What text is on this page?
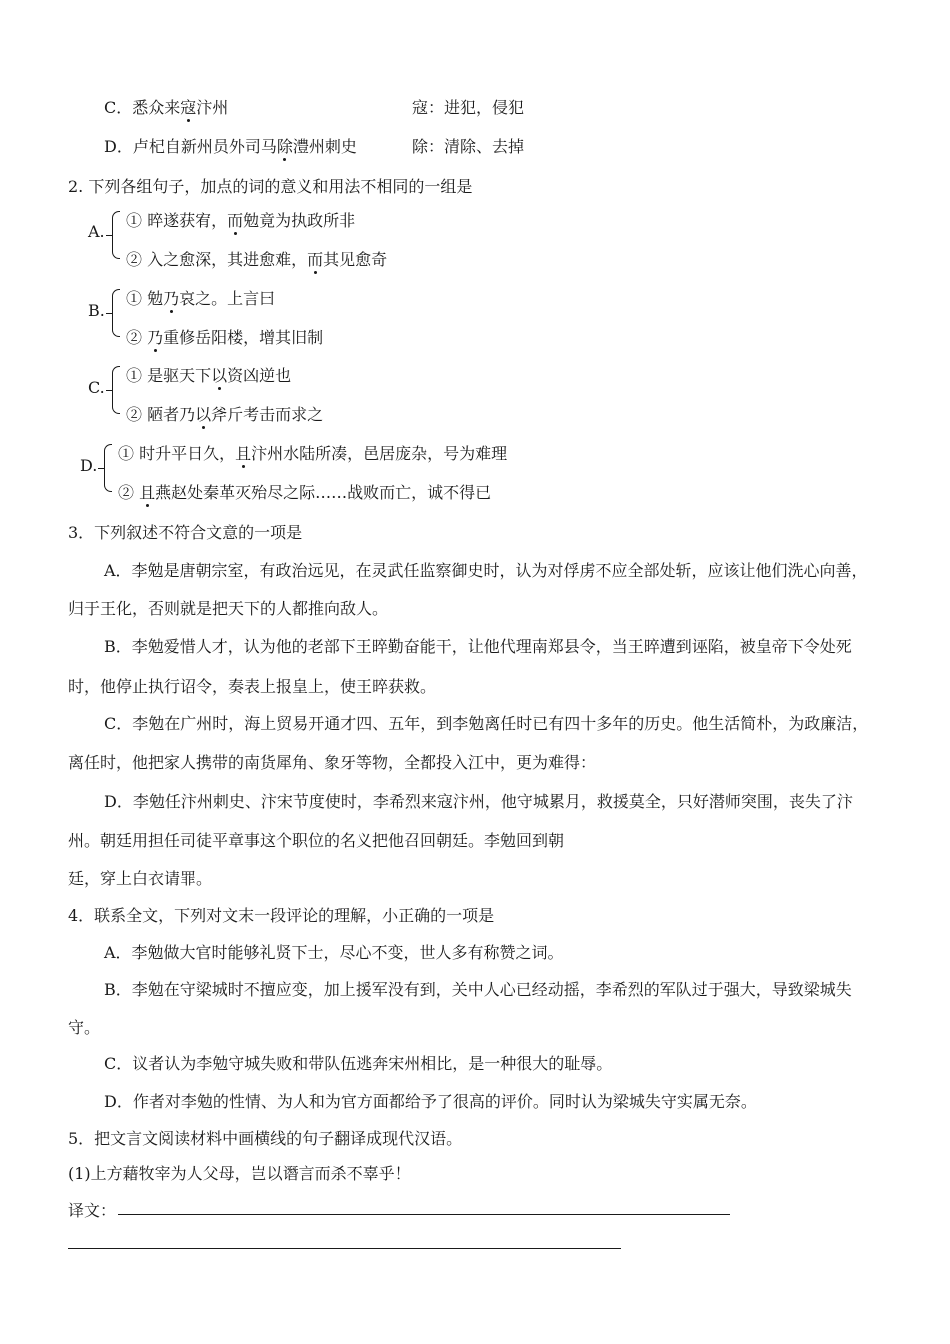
C．悉众来寇汴州	寇：进犯，侵犯
D．卢杞自新州员外司马除澧州刺史	除：清除、去掉
2. 下列各组句子，加点的词的意义和用法不相同的一组是
A.
① 晬遂获宥，而勉竟为执政所非
② 入之愈深，其进愈难，而其见愈奇
B.
① 勉乃哀之。上言曰
② 乃重修岳阳楼，增其旧制
C.
① 是驱天下以资凶逆也
② 陋者乃以斧斤考击而求之
D.
① 时升平日久，且汴州水陆所凑，邑居庞杂，号为难理
② 且燕赵处秦革灭殆尽之际……战败而亡，诚不得已
3．下列叙述不符合文意的一项是
A．李勉是唐朝宗室，有政治远见，在灵武任监察御史时，认为对俘虏不应全部处斩，应该让他们洗心向善，
归于王化，否则就是把天下的人都推向敌人。
B．李勉爱惜人才，认为他的老部下王晬勤奋能干，让他代理南郑县令，当王晬遭到诬陷，被皇帝下令处死
时，他停止执行诏令，奏表上报皇上，使王晬获救。
C．李勉在广州时，海上贸易开通才四、五年，到李勉离任时已有四十多年的历史。他生活简朴，为政廉洁，
离任时，他把家人携带的南货犀角、象牙等物，全都投入江中，更为难得：
D．李勉任汴州刺史、汴宋节度使时，李希烈来寇汴州，他守城累月，救援莫全，只好潜师突围，丧失了汴
州。朝廷用担任司徒平章事这个职位的名义把他召回朝廷。李勉回到朝
廷，穿上白衣请罪。
4．联系全文，下列对文末一段评论的理解，小正确的一项是
A．李勉做大官时能够礼贤下士，尽心不变，世人多有称赞之词。
B．李勉在守梁城时不擅应变，加上援军没有到，关中人心已经动摇，李希烈的军队过于强大，导致梁城失
守。
C．议者认为李勉守城失败和带队伍逃奔宋州相比，是一种很大的耻辱。
D．作者对李勉的性情、为人和为官方面都给予了很高的评价。同时认为梁城失守实属无奈。
5．把文言文阅读材料中画横线的句子翻译成现代汉语。
(1)上方藉牧宰为人父母，岂以谮言而杀不辜乎！
译文：
